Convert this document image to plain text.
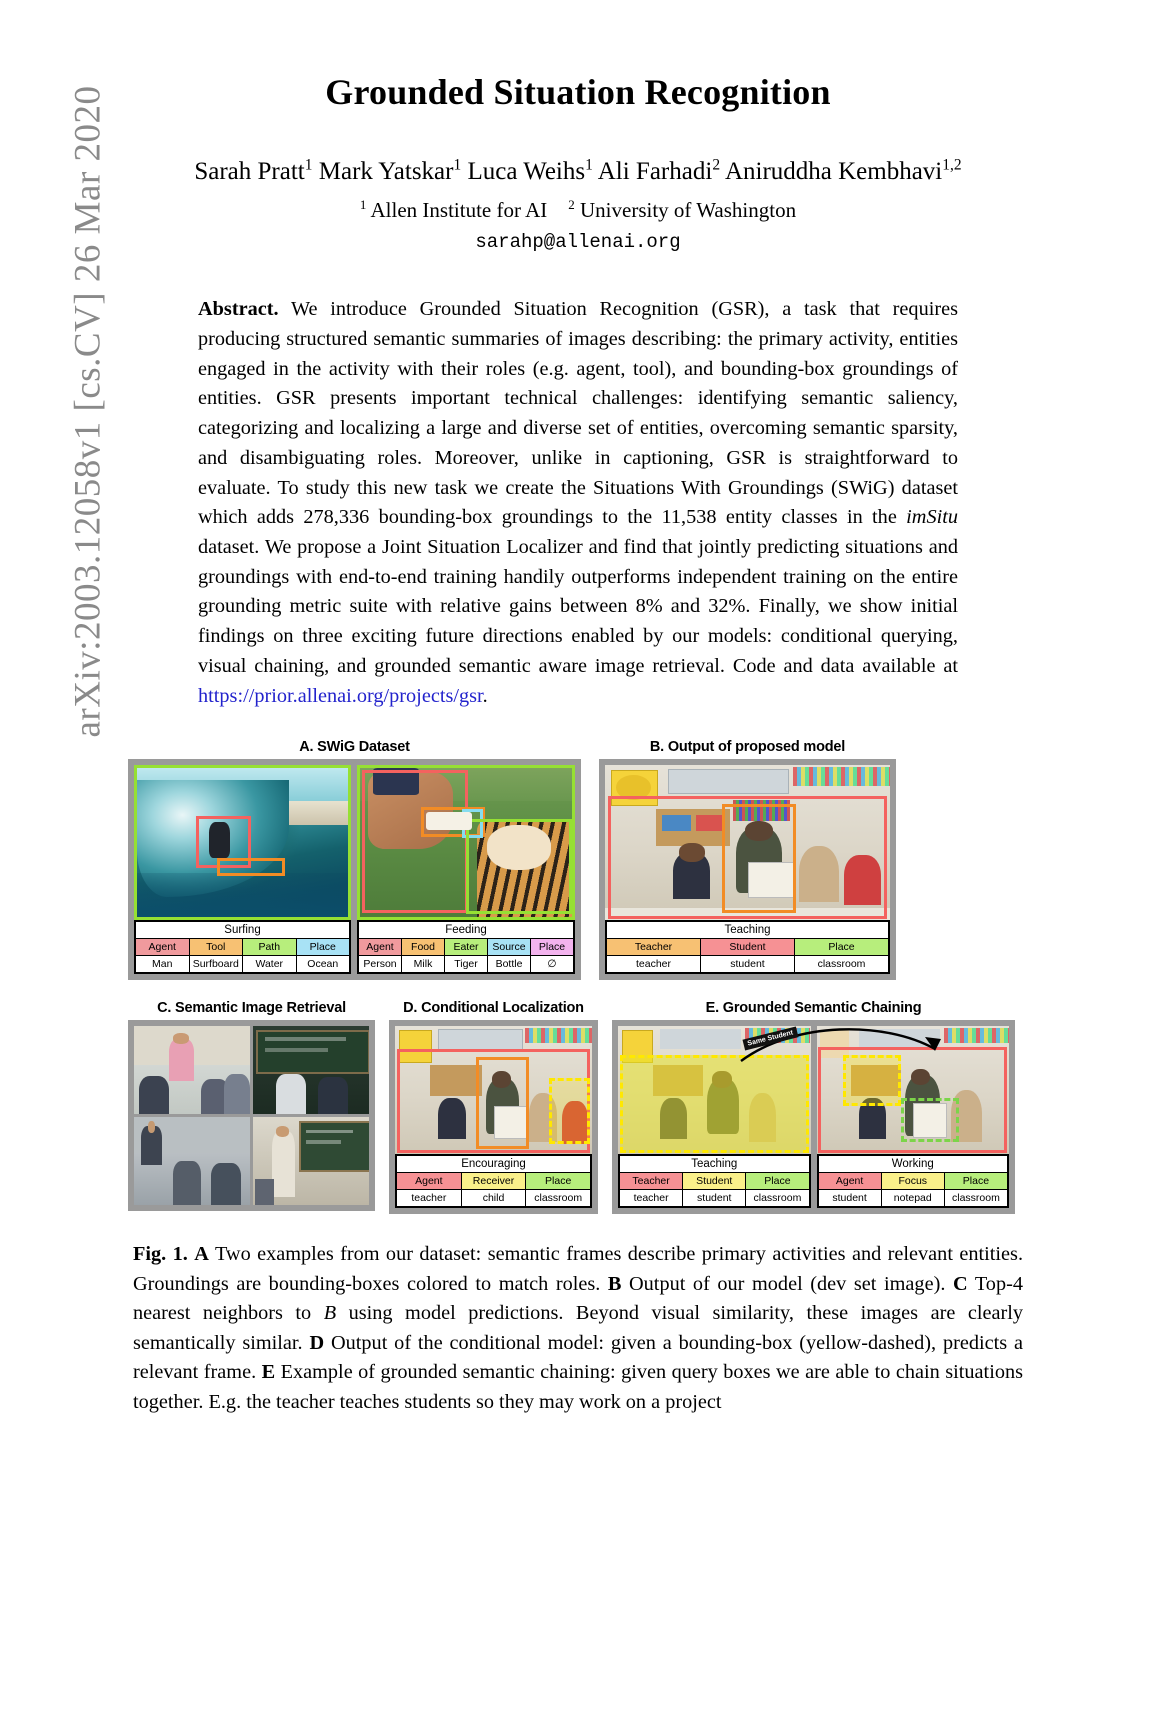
arXiv:2003.12058v1 [cs.CV] 26 Mar 2020	Grounded Situation Recognition
Sarah Pratt$^1$ Mark Yatskar$^1$ Luca Weihs$^1$ Ali Farhadi$^2$ Aniruddha Kembhavi$^{1,2}$
$^1$ Allen Institute for AI $^2$ University of Washington
sarahp@allenai.org
Abstract. We introduce Grounded Situation Recognition (GSR), a task that requires producing structured semantic summaries of images describing: the primary activity, entities engaged in the activity with their roles (e.g. agent, tool), and bounding-box groundings of entities. GSR presents important technical challenges: identifying semantic saliency, categorizing and localizing a large and diverse set of entities, overcoming semantic sparsity, and disambiguating roles. Moreover, unlike in captioning, GSR is straightforward to evaluate. To study this new task we create the Situations With Groundings (SWiG) dataset which adds 278,336 bounding-box groundings to the 11,538 entity classes in the imSitu dataset. We propose a Joint Situation Localizer and find that jointly predicting situations and groundings with end-to-end training handily outperforms independent training on the entire grounding metric suite with relative gains between 8% and 32%. Finally, we show initial findings on three exciting future directions enabled by our models: conditional querying, visual chaining, and grounded semantic aware image retrieval. Code and data available at https://prior.allenai.org/projects/gsr.
A. SWiG Dataset
Surfing
Agent	Tool	Path	Place
Man	Surfboard	Water	Ocean
Feeding
Agent	Food	Eater	Source	Place
Person	Milk	Tiger	Bottle	∅
B. Output of proposed model
Teaching
Teacher	Student	Place
teacher	student	classroom
C. Semantic Image Retrieval	D. Conditional Localization
Encouraging
Agent	Receiver	Place
teacher	child	classroom
E. Grounded Semantic Chaining
Teaching
Teacher	Student	Place
teacher	student	classroom
Working
Agent	Focus	Place
student	notepad	classroom
Same Student
Fig. 1. A Two examples from our dataset: semantic frames describe primary activities and relevant entities. Groundings are bounding-boxes colored to match roles. B Output of our model (dev set image). C Top-4 nearest neighbors to B using model predictions. Beyond visual similarity, these images are clearly semantically similar. D Output of the conditional model: given a bounding-box (yellow-dashed), predicts a relevant frame. E Example of grounded semantic chaining: given query boxes we are able to chain situations together. E.g. the teacher teaches students so they may work on a project
